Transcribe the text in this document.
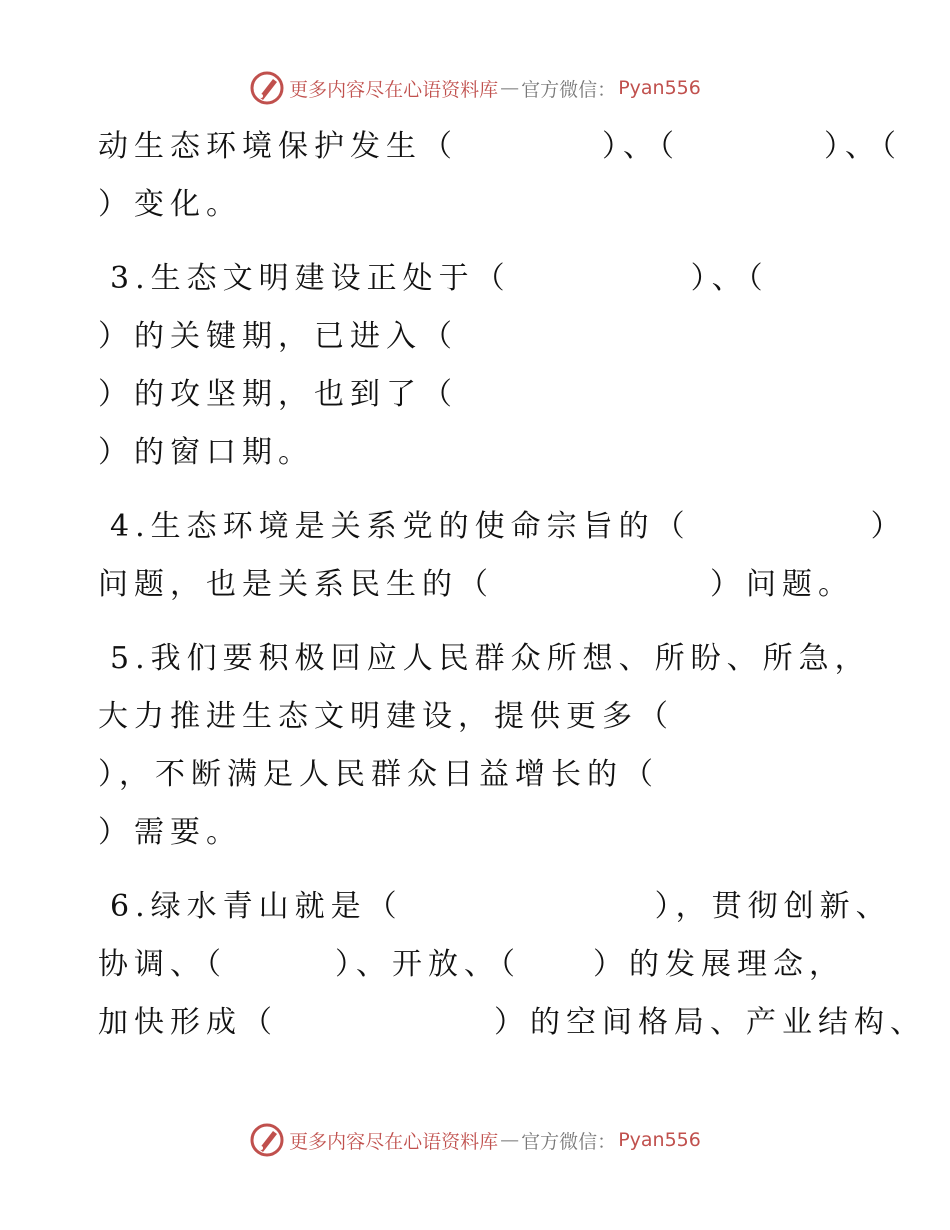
更多内容尽在心语资料库 — 官方微信： Pyan556
动生态环境保护发生（　　　　）、（　　　　）、（
）变化。
3.生态文明建设正处于（　　　　　）、（
）的关键期，已进入（
）的攻坚期，也到了（
）的窗口期。
4.生态环境是关系党的使命宗旨的（　　　　　）
问题，也是关系民生的（　　　　　　）问题。
5.我们要积极回应人民群众所想、所盼、所急，
大力推进生态文明建设，提供更多（
），不断满足人民群众日益增长的（
）需要。
6.绿水青山就是（　　　　　　　），贯彻创新、
协调、（　　　）、开放、（　　）的发展理念，
加快形成（　　　　　　）的空间格局、产业结构、
更多内容尽在心语资料库 — 官方微信： Pyan556
